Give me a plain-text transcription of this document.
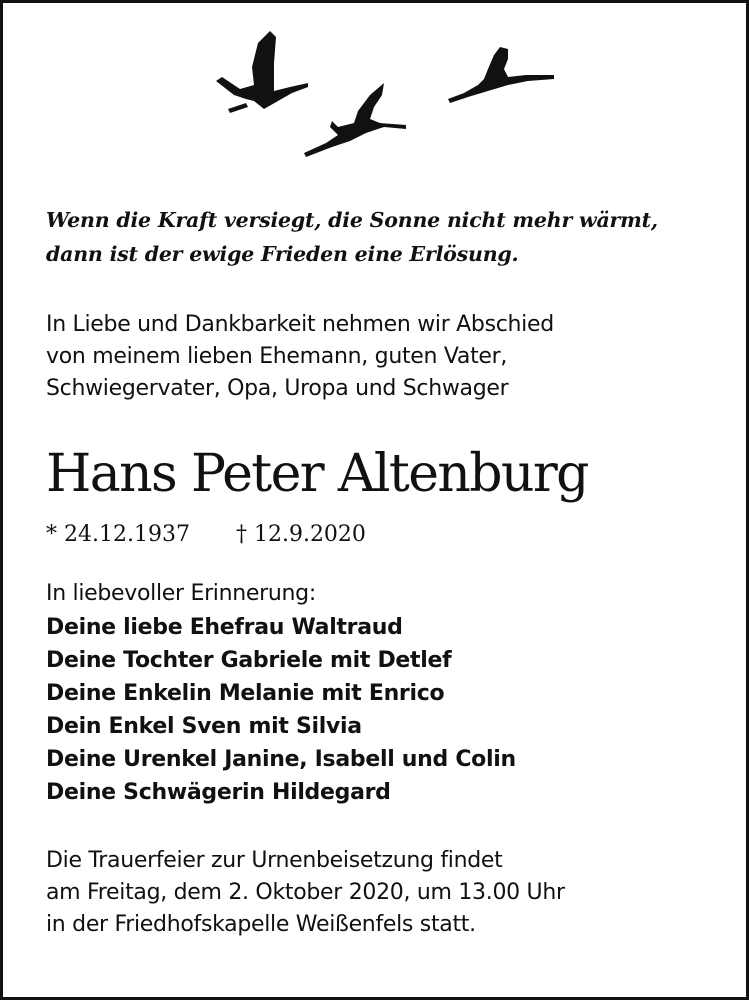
Wenn die Kraft versiegt, die Sonne nicht mehr wärmt,
dann ist der ewige Frieden eine Erlösung.
In Liebe und Dankbarkeit nehmen wir Abschied
von meinem lieben Ehemann, guten Vater,
Schwiegervater, Opa, Uropa und Schwager
Hans Peter Altenburg
* 24.12.1937 † 12.9.2020
In liebevoller Erinnerung:
Deine liebe Ehefrau Waltraud
Deine Tochter Gabriele mit Detlef
Deine Enkelin Melanie mit Enrico
Dein Enkel Sven mit Silvia
Deine Urenkel Janine, Isabell und Colin
Deine Schwägerin Hildegard
Die Trauerfeier zur Urnenbeisetzung findet
am Freitag, dem 2. Oktober 2020, um 13.00 Uhr
in der Friedhofskapelle Weißenfels statt.
